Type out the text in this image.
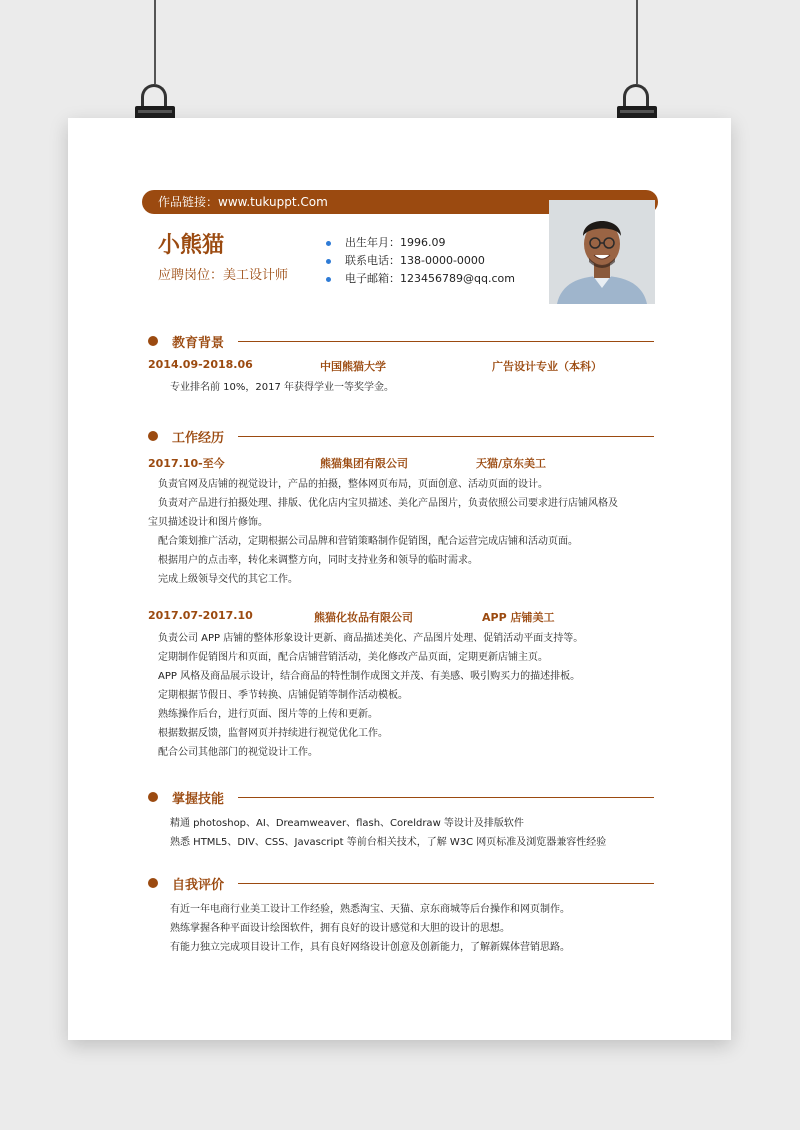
作品链接：www.tukuppt.Com
小熊猫
应聘岗位：美工设计师
出生年月：1996.09
联系电话：138-0000-0000
电子邮箱：123456789@qq.com
教育背景
2014.09-2018.06	中国熊猫大学	广告设计专业（本科）
专业排名前 10%，2017 年获得学业一等奖学金。
工作经历
2017.10-至今	熊猫集团有限公司	天猫/京东美工
负责官网及店铺的视觉设计，产品的拍摄，整体网页布局，页面创意、活动页面的设计。
负责对产品进行拍摄处理、排版、优化店内宝贝描述、美化产品图片，负责依照公司要求进行店铺风格及
宝贝描述设计和图片修饰。
配合策划推广活动，定期根据公司品牌和营销策略制作促销图，配合运营完成店铺和活动页面。
根据用户的点击率，转化来调整方向，同时支持业务和领导的临时需求。
完成上级领导交代的其它工作。
2017.07-2017.10	熊猫化妆品有限公司	APP 店铺美工
负责公司 APP 店铺的整体形象设计更新、商品描述美化、产品图片处理、促销活动平面支持等。
定期制作促销图片和页面，配合店铺营销活动，美化修改产品页面，定期更新店铺主页。
APP 风格及商品展示设计，结合商品的特性制作成图文并茂、有美感、吸引购买力的描述排板。
定期根据节假日、季节转换、店铺促销等制作活动模板。
熟练操作后台，进行页面、图片等的上传和更新。
根据数据反馈，监督网页并持续进行视觉优化工作。
配合公司其他部门的视觉设计工作。
掌握技能
精通 photoshop、AI、Dreamweaver、flash、Coreldraw 等设计及排版软件
熟悉 HTML5、DIV、CSS、Javascript 等前台相关技术，了解 W3C 网页标准及浏览器兼容性经验
自我评价
有近一年电商行业美工设计工作经验，熟悉淘宝、天猫、京东商城等后台操作和网页制作。
熟练掌握各种平面设计绘图软件，拥有良好的设计感觉和大胆的设计的思想。
有能力独立完成项目设计工作，具有良好网络设计创意及创新能力，了解新媒体营销思路。
